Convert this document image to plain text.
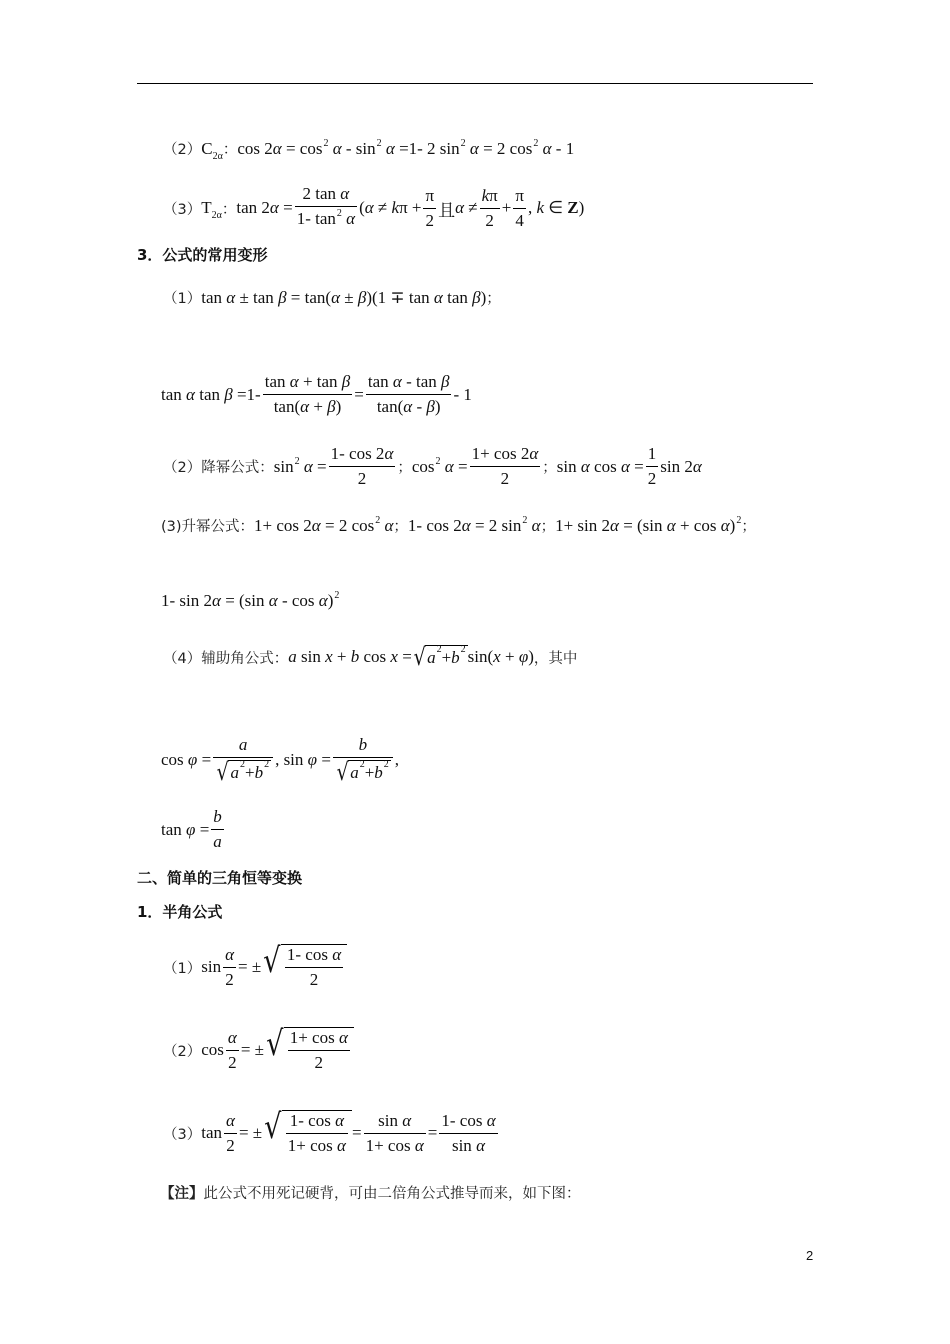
（2） $C_{2\alpha}$ ： $\cos 2\alpha = \cos^2 \alpha - \sin^2 \alpha =1-$ 2 $\sin^2 \alpha = 2$ $\cos^2 \alpha - 1$
（3） $T_{2\alpha}$ ： $\tan 2\alpha = \frac{\text{2 tan α}}{1- \tan^2 \alpha} (\alpha \ne k\pi + \frac{\pi}{2}$ 且 $\alpha \ne \frac{k\pi}{2} + \frac{\pi}{4}$ , k ∈ Z)
3．公式的常用变形
（1） tan α ± tan β = tan(α ± β)(1 ∓ tan α tan β) ；
tan α $\tan \beta =1- \frac{\text{tan α + tan β}}{\tan(\alpha + \beta)} = \frac{\text{tan α - tan β}}{\tan(\alpha - \beta)} - 1$
（2）降幂公式： $\sin^2 \alpha = \frac{1- \cos 2\alpha}{2}$ ； $\cos^2 \alpha = \frac{1+ \cos 2\alpha}{2}$ ； sin α $\cos \alpha = \frac{1}{2}$ sin 2α
(3)升幂公式： 1+ cos 2α = 2 $\cos^2 \alpha$ ； 1- cos 2α = 2 $\sin^2 \alpha$ ； 1+ sin 2α = (sin α + cos α)$^2$ ；
1- sin 2α = (sin α - cos α)$^2$
（4）辅助角公式： a sin x + b cos x = √ $a^2 + b^2$ sin(x + φ) ，其中
$\cos \varphi = \frac{a}{√ a^2 + b^2}$ , $\sin \varphi = \frac{b}{√ a^2 + b^2}$ ,
$\tan \varphi = \frac{b}{a}$
二、简单的三角恒等变换
1．半角公式
（1） $\sin \frac{\alpha}{2}$ = ± √ $\frac{\text{1- cos α}}{2}$
（2） $\cos \frac{\alpha}{2}$ = ± √ $\frac{\text{1+ cos α}}{2}$
（3） $\tan \frac{\alpha}{2}$ = ± √ $\frac{\text{1- cos α}}{\text{1+ cos α}} = \frac{\text{sin α}}{\text{1+ cos α}} = \frac{\text{1- cos α}}{\text{sin α}}$
【注】 此公式不用死记硬背，可由二倍角公式推导而来，如下图：
2
